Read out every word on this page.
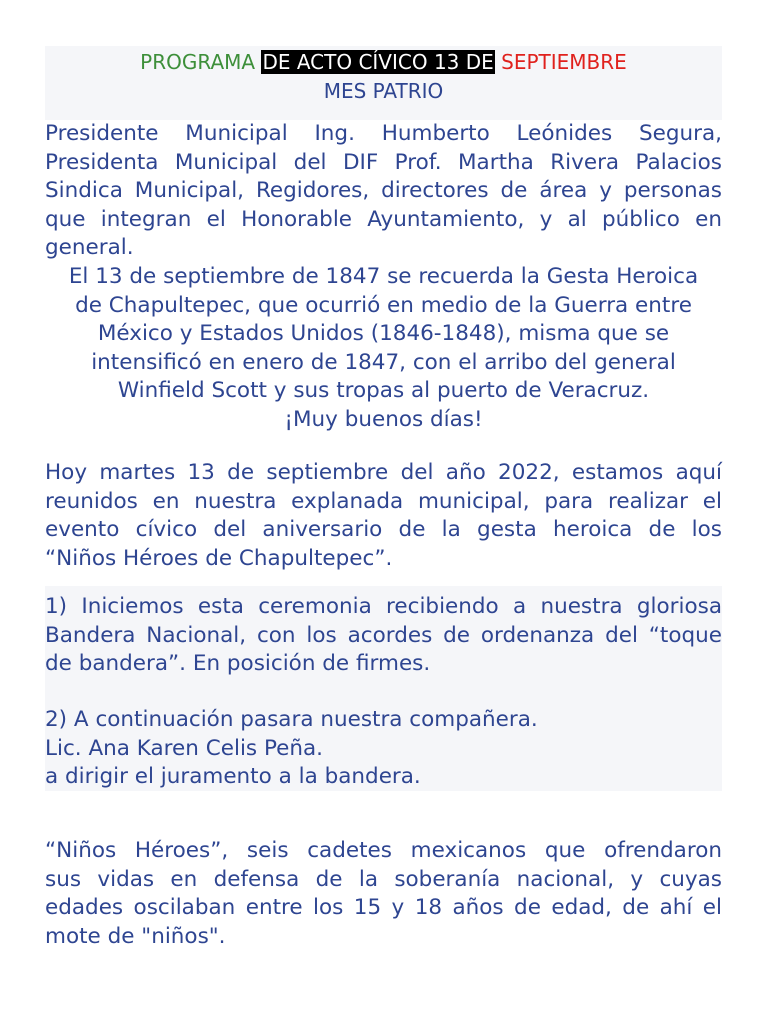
PROGRAMA DE ACTO CÍVICO 13 DE SEPTIEMBRE
MES PATRIO
Presidente Municipal Ing. Humberto Leónides Segura,
Presidenta Municipal del DIF Prof. Martha Rivera Palacios
Sindica Municipal, Regidores, directores de área y personas
que integran el Honorable Ayuntamiento, y al público en
general.
El 13 de septiembre de 1847 se recuerda la Gesta Heroica
de Chapultepec, que ocurrió en medio de la Guerra entre
México y Estados Unidos (1846-1848), misma que se
intensificó en enero de 1847, con el arribo del general
Winfield Scott y sus tropas al puerto de Veracruz.
¡Muy buenos días!
Hoy martes 13 de septiembre del año 2022, estamos aquí
reunidos en nuestra explanada municipal, para realizar el
evento cívico del aniversario de la gesta heroica de los
“Niños Héroes de Chapultepec”.
1) Iniciemos esta ceremonia recibiendo a nuestra gloriosa
Bandera Nacional, con los acordes de ordenanza del “toque
de bandera”. En posición de firmes.
2) A continuación pasara nuestra compañera.
Lic. Ana Karen Celis Peña.
a dirigir el juramento a la bandera.
“Niños Héroes”, seis cadetes mexicanos que ofrendaron
sus vidas en defensa de la soberanía nacional, y cuyas
edades oscilaban entre los 15 y 18 años de edad, de ahí el
mote de "niños".
